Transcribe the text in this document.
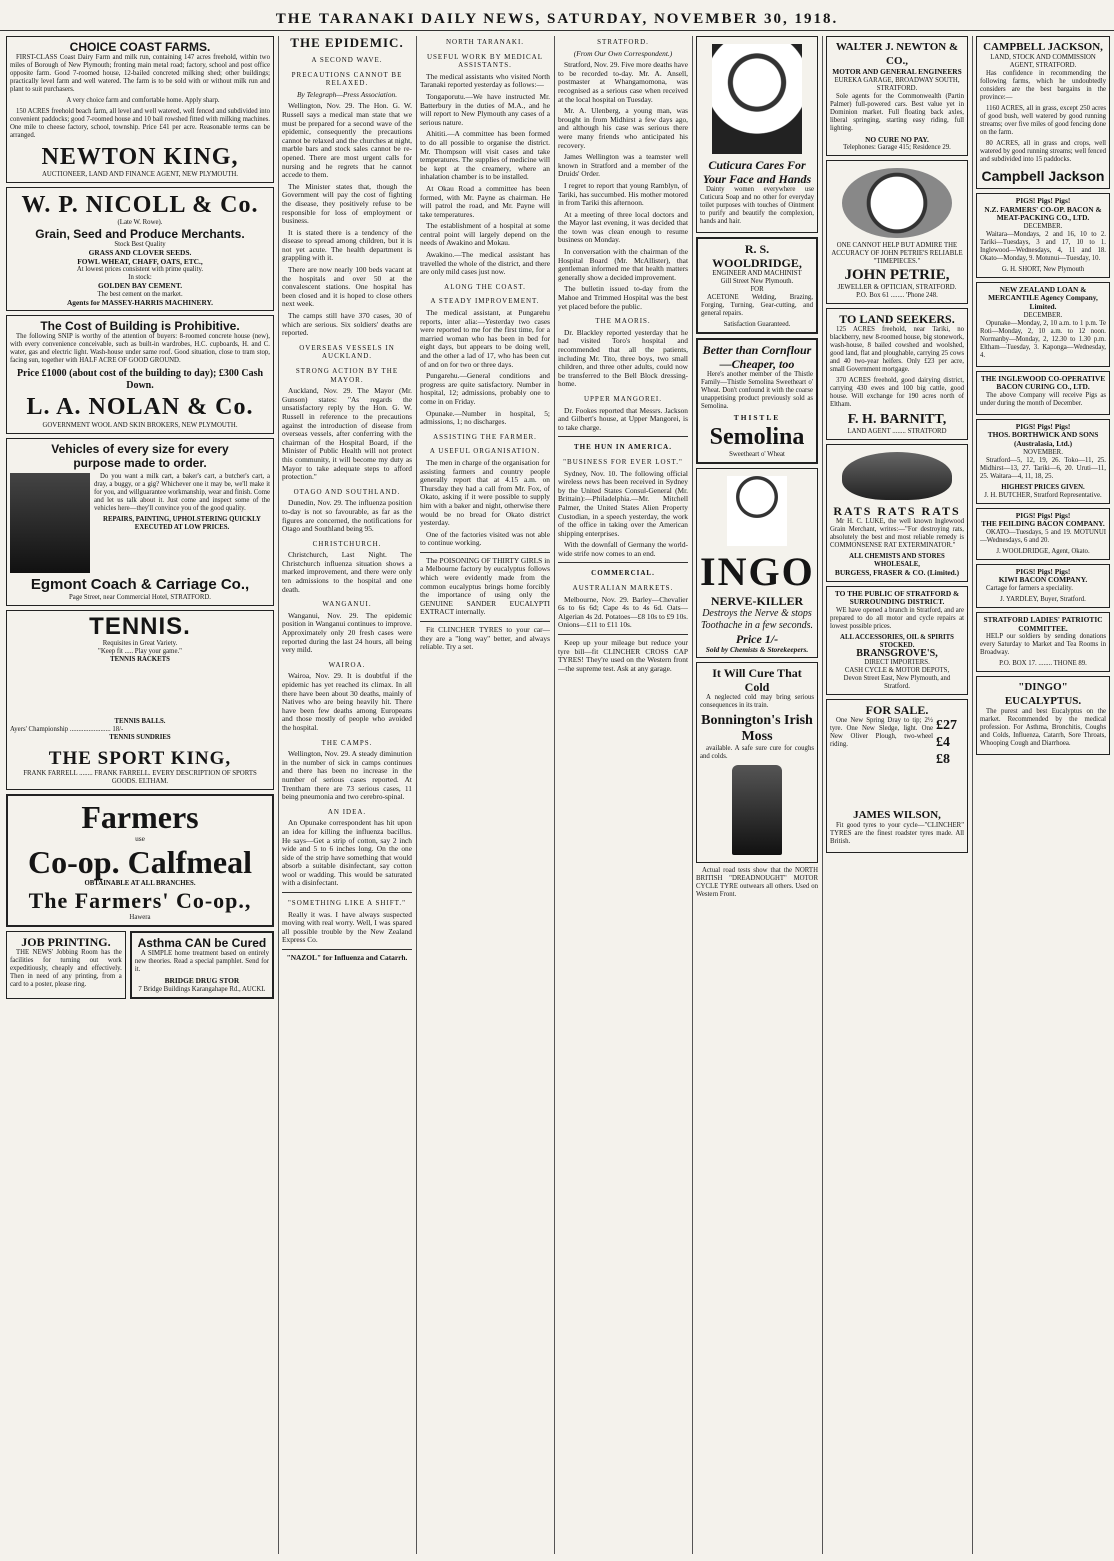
THE TARANAKI DAILY NEWS, SATURDAY, NOVEMBER 30, 1918.
CHOICE COAST FARMS.

FIRST-CLASS Coast Dairy Farm and milk run, containing 147 acres freehold, within two miles of Borough of New Plymouth; fronting main metal road; factory, school and post office opposite farm. Good 7-roomed house, 12-bailed concreted milking shed; other buildings; practically level farm and well watered. The farm is to be sold with or without milk run and plant to suit purchasers.

A very choice farm and comfortable home. Apply sharp.

150 ACRES freehold beach farm, all level and well watered, well fenced and subdivided into convenient paddocks; good 7-roomed house and 10 bail rowshed fitted with milking machines. One mile to cheese factory, school, township. Price £41 per acre. Reasonable terms can be arranged.

NEWTON KING,
AUCTIONEER, LAND AND FINANCE AGENT, NEW PLYMOUTH.
W. P. NICOLL & Co.
(Late W. Rowe).
Grain, Seed and Produce Merchants.
Stock Best Quality
GRASS AND CLOVER SEEDS.
FOWL WHEAT, CHAFF, OATS, ETC.,
At lowest prices consistent with prime quality.
In stock:
GOLDEN BAY CEMENT.
The best cement on the market.
Agents for MASSEY-HARRIS MACHINERY.
The Cost of Building is Prohibitive.

The following SNIP is worthy of the attention of buyers: 8-roomed concrete house (new), with every convenience conceivable, such as built-in wardrobes, H.C. cupboards, H. and C. water, gas and electric light. Wash-house under same roof. Good situation, close to tram stop, facing sun, together with HALF ACRE OF GOOD GROUND.

Price £1000 (about cost of the building to day); £300 Cash Down.
L. A. NOLAN & Co.
GOVERNMENT WOOL AND SKIN BROKERS, NEW PLYMOUTH.
Vehicles of every size for every
purpose made to order.

Do you want a milk cart, a baker's cart, a butcher's cart, a dray, a buggy, or a gig? Whichever one it may be, we'll make it for you, and willguarantee workmanship, wear and finish. Come and let us talk about it. Just come and inspect some of the vehicles here—they'll convince you of the good quality.

REPAIRS, PAINTING, UPHOLSTERING QUICKLY EXECUTED AT LOW PRICES.
Egmont Coach & Carriage Co.,
Page Street, near Commercial Hotel, STRATFORD.
TENNIS.
Requisites in Great Variety.
"Keep fit ..... Play your game."
TENNIS RACKETS
TENNIS BALLS.
Ayers' Championship ........................ 18/-
TENNIS SUNDRIES
THE SPORT KING,
FRANK FARRELL ........ FRANK FARRELL. EVERY DESCRIPTION OF SPORTS GOODS. ELTHAM.
Farmers
use
Co-op. Calfmeal
OBTAINABLE AT ALL BRANCHES.
The Farmers' Co-op.,
Hawera
JOB PRINTING.

THE NEWS' Jobbing Room has the facilities for turning out work expeditiously, cheaply and effectively. Then in need of any printing, from a card to a poster, please ring.

Asthma CAN be Cured

A SIMPLE home treatment based on entirely new theories. Read a special pamphlet. Send for it.

BRIDGE DRUG STOR
7 Bridge Buildings Karangahape Rd., AUCKL
THE EPIDEMIC.
A SECOND WAVE.
PRECAUTIONS CANNOT BE RELAXED.
By Telegraph—Press Association.

Wellington, Nov. 29. The Hon. G. W. Russell says a medical man state that we must be prepared for a second wave of the epidemic, consequently the precautions cannot be relaxed and the churches at night, marble bars and stock sales cannot be re-opened. There are most urgent calls for nursing and he regrets that he cannot accede to them.

The Minister states that, though the Government will pay the cost of fighting the disease, they positively refuse to be responsible for loss of employment or business.

It is stated there is a tendency of the disease to spread among children, but it is not yet acute. The health department is grappling with it.

There are now nearly 100 beds vacant at the hospitals and over 50 at the convalescent stations. One hospital has been closed and it is hoped to close others next week.

The camps still have 370 cases, 30 of which are serious. Six soldiers' deaths are reported.

OVERSEAS VESSELS IN AUCKLAND.
STRONG ACTION BY THE MAYOR.

Auckland, Nov. 29. The Mayor (Mr. Gunson) states: "As regards the unsatisfactory reply by the Hon. G. W. Russell in reference to the precautions against the introduction of disease from overseas vessels, after conferring with the chairman of the Hospital Board, if the Minister of Public Health will not protect this community, it will become my duty as Mayor to take adequate steps to afford protection."

OTAGO AND SOUTHLAND.

Dunedin, Nov. 29. The influenza position to-day is not so favourable, as far as the figures are concerned, the notifications for Otago and Southland being 95.

CHRISTCHURCH.

Christchurch, Last Night. The Christchurch influenza situation shows a marked improvement, and there were only ten admissions to the hospital and one death.

WANGANUI.

Wanganui, Nov. 29. The epidemic position in Wanganui continues to improve. Approximately only 20 fresh cases were reported during the last 24 hours, all being very mild.

WAIROA.

Wairoa, Nov. 29. It is doubtful if the epidemic has yet reached its climax. In all there have been about 30 deaths, mainly of Natives who are being heavily hit. There have been few deaths among Europeans and those mostly of people who avoided the hospital.

THE CAMPS.

Wellington, Nov. 29. A steady diminution in the number of sick in camps continues and there has been no increase in the number of serious cases reported. At Trentham there are 73 serious cases, 11 being pneumonia and two cerebro-spinal.

AN IDEA.

An Opunake correspondent has hit upon an idea for killing the influenza bacillus. He says—Get a strip of cotton, say 2 inch wide and 5 to 6 inches long. On the one side of the strip have something that would absorb a suitable disinfectant, say cotton wool or wadding. This would be saturated with a disinfectant.

"SOMETHING LIKE A SHIFT."

Really it was. I have always suspected moving with real worry. Well, I was spared all possible trouble by the New Zealand Express Co.

"NAZOL" for Influenza and Catarrh.
NORTH TARANAKI.
USEFUL WORK BY MEDICAL ASSISTANTS.

The medical assistants who visited North Taranaki reported yesterday as follows:—

Tongaporutu.—We have instructed Mr. Batterbury in the duties of M.A., and he will report to New Plymouth any cases of a serious nature.

Ahititi.—A committee has been formed to do all possible to organise the district. Mr. Thompson will visit cases and take temperatures. The supplies of medicine will be kept at the creamery, where an inhalation chamber is to be installed.

At Okau Road a committee has been formed, with Mr. Payne as chairman. He will patrol the road, and Mr. Payne will take temperatures.

The establishment of a hospital at some central point will largely depend on the needs of Awakino and Mokau.

Awakino.—The medical assistant has travelled the whole of the district, and there are only mild cases just now.

ALONG THE COAST.
A STEADY IMPROVEMENT.

The medical assistant, at Pungarehu reports, inter alia:—Yesterday two cases were reported to me for the first time, for a married woman who has been in bed for eight days, but appears to be doing well, and the other a lad of 17, who has been cut of and on for two or three days.

Pungarehu.—General conditions and progress are quite satisfactory. Number in hospital, 12; admissions, probably one to come in on Friday.

Opunake.—Number in hospital, 5; admissions, 1; no discharges.

ASSISTING THE FARMER.
A USEFUL ORGANISATION.

The men in charge of the organisation for assisting farmers and country people generally report that at 4.15 a.m. on Thursday they had a call from Mr. Fox, of Okato, asking if it were possible to supply him with a baker and night, otherwise there would be no bread for Okato district yesterday.

One of the factories visited was not able to continue working.

The POISONING OF THIRTY GIRLS in a Melbourne factory by eucalyptus follows which were evidently made from the common eucalyptus brings home forcibly the importance of using only the GENUINE SANDER EUCALYPTI EXTRACT internally.

Fit CLINCHER TYRES to your car—they are a "long way" better, and always reliable. Try a set.

STRATFORD.
(From Our Own Correspondent.)

Stratford, Nov. 29. Five more deaths have to be recorded to-day. Mr. A. Ansell, postmaster at Whangamomona, was recognised as a serious case when received at the local hospital on Tuesday.

Mr. A. Ulenberg, a young man, was brought in from Midhirst a few days ago, and although his case was serious there were many friends who anticipated his recovery.

James Wellington was a teamster well known in Stratford and a member of the Druids' Order.

I regret to report that young Ramblyn, of Tariki, has succumbed. His mother motored in from Tariki this afternoon.

At a meeting of three local doctors and the Mayor last evening, it was decided that the town was clean enough to resume business on Monday.

In conversation with the chairman of the Hospital Board (Mr. McAllister), that gentleman informed me that health matters generally show a decided improvement.

The bulletin issued to-day from the Mahoe and Trimmed Hospital was the best yet placed before the public.

THE MAORIS.

Dr. Blackley reported yesterday that he had visited Toro's hospital and recommended that all the patients, including Mr. Tito, three boys, two small children, and three other adults, could now be transferred to the Bell Block dressing-home.

UPPER MANGOREI.

Dr. Fookes reported that Messrs. Jackson and Gilbert's house, at Upper Mangorei, is to take charge.

THE HUN IN AMERICA.
"BUSINESS FOR EVER LOST."

Sydney, Nov. 10. The following official wireless news has been received in Sydney by the United States Consul-General (Mr. Brittain):—Philadelphia.—Mr. Mitchell Palmer, the United States Alien Property Custodian, in a speech yesterday, the work of the office in taking over the American shipping enterprises.

With the downfall of Germany the world-wide strife now comes to an end.

COMMERCIAL.
AUSTRALIAN MARKETS.

Melbourne, Nov. 29. Barley—Chevalier 6s to 6s 6d; Cape 4s to 4s 6d. Oats—Algerian 4s 2d. Potatoes—£8 10s to £9 10s. Onions—£11 to £11 10s.

Keep up your mileage but reduce your tyre bill—fit CLINCHER CROSS CAP TYRES! They're used on the Western front—the supreme test. Ask at any garage.

Cuticura Cares For Your Face and Hands

Dainty women everywhere use Cuticura Soap and no other for everyday toilet purposes with touches of Ointment to purify and beautify the complexion, hands and hair.

R. S. WOOLDRIDGE,
ENGINEER AND MACHINIST
Gill Street New Plymouth.
FOR

ACETONE Welding, Brazing, Forging, Turning, Gear-cutting, and general repairs.

Satisfaction Guaranteed.
Better than Cornflour—Cheaper, too

Here's another member of the Thistle Family—Thistle Semolina Sweetheart o' Wheat. Don't confound it with the coarse unappetising product previously sold as Semolina.

THISTLE
Semolina
Sweetheart o' Wheat
INGO
NERVE-KILLER
Destroys the Nerve & stops Toothache in a few seconds.
Price 1/-
Sold by Chemists & Storekeepers.
It Will Cure That Cold

A neglected cold may bring serious consequences in its train.

Bonnington's Irish Moss

available. A safe sure cure for coughs and colds.

Actual road tests show that the NORTH BRITISH "DREADNOUGHT" MOTOR CYCLE TYRE outwears all others. Used on Western Front.

WALTER J. NEWTON & CO.,
MOTOR AND GENERAL ENGINEERS
EUREKA GARAGE, BROADWAY SOUTH, STRATFORD.

Sole agents for the Commonwealth (Partin Palmer) full-powered cars. Best value yet in Dominion market. Full floating back axles, liberal springing, starting easy riding, full lighting.

NO CURE NO PAY.
Telephones: Garage 415; Residence 29.
ONE CANNOT HELP BUT ADMIRE THE ACCURACY OF JOHN PETRIE'S RELIABLE "TIMEPIECES."
JOHN PETRIE,
JEWELLER & OPTICIAN, STRATFORD.
P.O. Box 61 ........ 'Phone 248.
TO LAND SEEKERS.

125 ACRES freehold, near Tariki, no blackberry, new 8-roomed house, big stonework, wash-house, 8 bailed cowshed and woolshed, good land, flat and ploughable, carrying 25 cows and 40 two-year heifers. Only £23 per acre, small Government mortgage.

370 ACRES freehold, good dairying district, carrying 430 ewes and 100 big cattle, good house. Will exchange for 190 acres north of Eltham.

F. H. BARNITT,
LAND AGENT ........ STRATFORD
RATS RATS RATS

Mr H. C. LUKE, the well known Inglewood Grain Merchant, writes:—"For destroying rats, absolutely the best and most reliable remedy is COMMONSENSE RAT EXTERMINATOR."

ALL CHEMISTS AND STORES WHOLESALE,
BURGESS, FRASER & CO. (Limited.)
TO THE PUBLIC OF STRATFORD & SURROUNDING DISTRICT.

WE have opened a branch in Stratford, and are prepared to do all motor and cycle repairs at lowest possible prices.

ALL ACCESSORIES, OIL & SPIRITS STOCKED.
BRANSGROVE'S,
DIRECT IMPORTERS.
CASH CYCLE & MOTOR DEPOTS,
Devon Street East, New Plymouth, and Stratford.
FOR SALE.

One New Spring Dray to tip; 2½ tyre. One New Sledge, light. One New Oliver Plough, two-wheel riding.

£27
£4
£8
JAMES WILSON,

Fit good tyres to your cycle—"CLINCHER" TYRES are the finest roadster tyres made. All British.

CAMPBELL JACKSON,
LAND, STOCK AND COMMISSION AGENT, STRATFORD.

Has confidence in recommending the following farms, which he undoubtedly considers are the best bargains in the province:—

1160 ACRES, all in grass, except 250 acres of good bush, well watered by good running streams; over five miles of good fencing done on the farm.

80 ACRES, all in grass and crops, well watered by good running streams; well fenced and subdivided into 15 paddocks.

Campbell Jackson
PIGS! Pigs! Pigs!
N.Z. FARMERS' CO-OP. BACON & MEAT-PACKING CO., LTD.
DECEMBER.

Waitara—Mondays, 2 and 16, 10 to 2. Tariki—Tuesdays, 3 and 17, 10 to 1. Inglewood—Wednesdays, 4, 11 and 18. Okato—Monday, 9. Motunui—Tuesday, 10.

G. H. SHORT, New Plymouth
NEW ZEALAND LOAN & MERCANTILE Agency Company, Limited.
DECEMBER.

Opunake—Monday, 2, 10 a.m. to 1 p.m. Te Roti—Monday, 2, 10 a.m. to 12 noon. Normanby—Monday, 2, 12.30 to 1.30 p.m. Eltham—Tuesday, 3. Kaponga—Wednesday, 4.

THE INGLEWOOD CO-OPERATIVE BACON CURING CO., LTD.

The above Company will receive Pigs as under during the month of December.

PIGS! Pigs! Pigs!
THOS. BORTHWICK AND SONS (Australasia, Ltd.)
NOVEMBER.

Stratford—5, 12, 19, 26. Toko—11, 25. Midhirst—13, 27. Tariki—6, 20. Uruti—11, 25. Waitara—4, 11, 18, 25.

HIGHEST PRICES GIVEN.
J. H. BUTCHER, Stratford Representative.
PIGS! Pigs! Pigs!
THE FEILDING BACON COMPANY.

OKATO—Tuesdays, 5 and 19. MOTUNUI—Wednesdays, 6 and 20.

J. WOOLDRIDGE, Agent, Okato.
PIGS! Pigs! Pigs!
KIWI BACON COMPANY.

Cartage for farmers a speciality.

J. YARDLEY, Buyer, Stratford.
STRATFORD LADIES' PATRIOTIC COMMITTEE.

HELP our soldiers by sending donations every Saturday to Market and Tea Rooms in Broadway.

P.O. BOX 17. ........ THONE 89.
"DINGO" EUCALYPTUS.

The purest and best Eucalyptus on the market. Recommended by the medical profession. For Asthma, Bronchitis, Coughs and Colds, Influenza, Catarrh, Sore Throats, Whooping Cough and Diarrhoea.
